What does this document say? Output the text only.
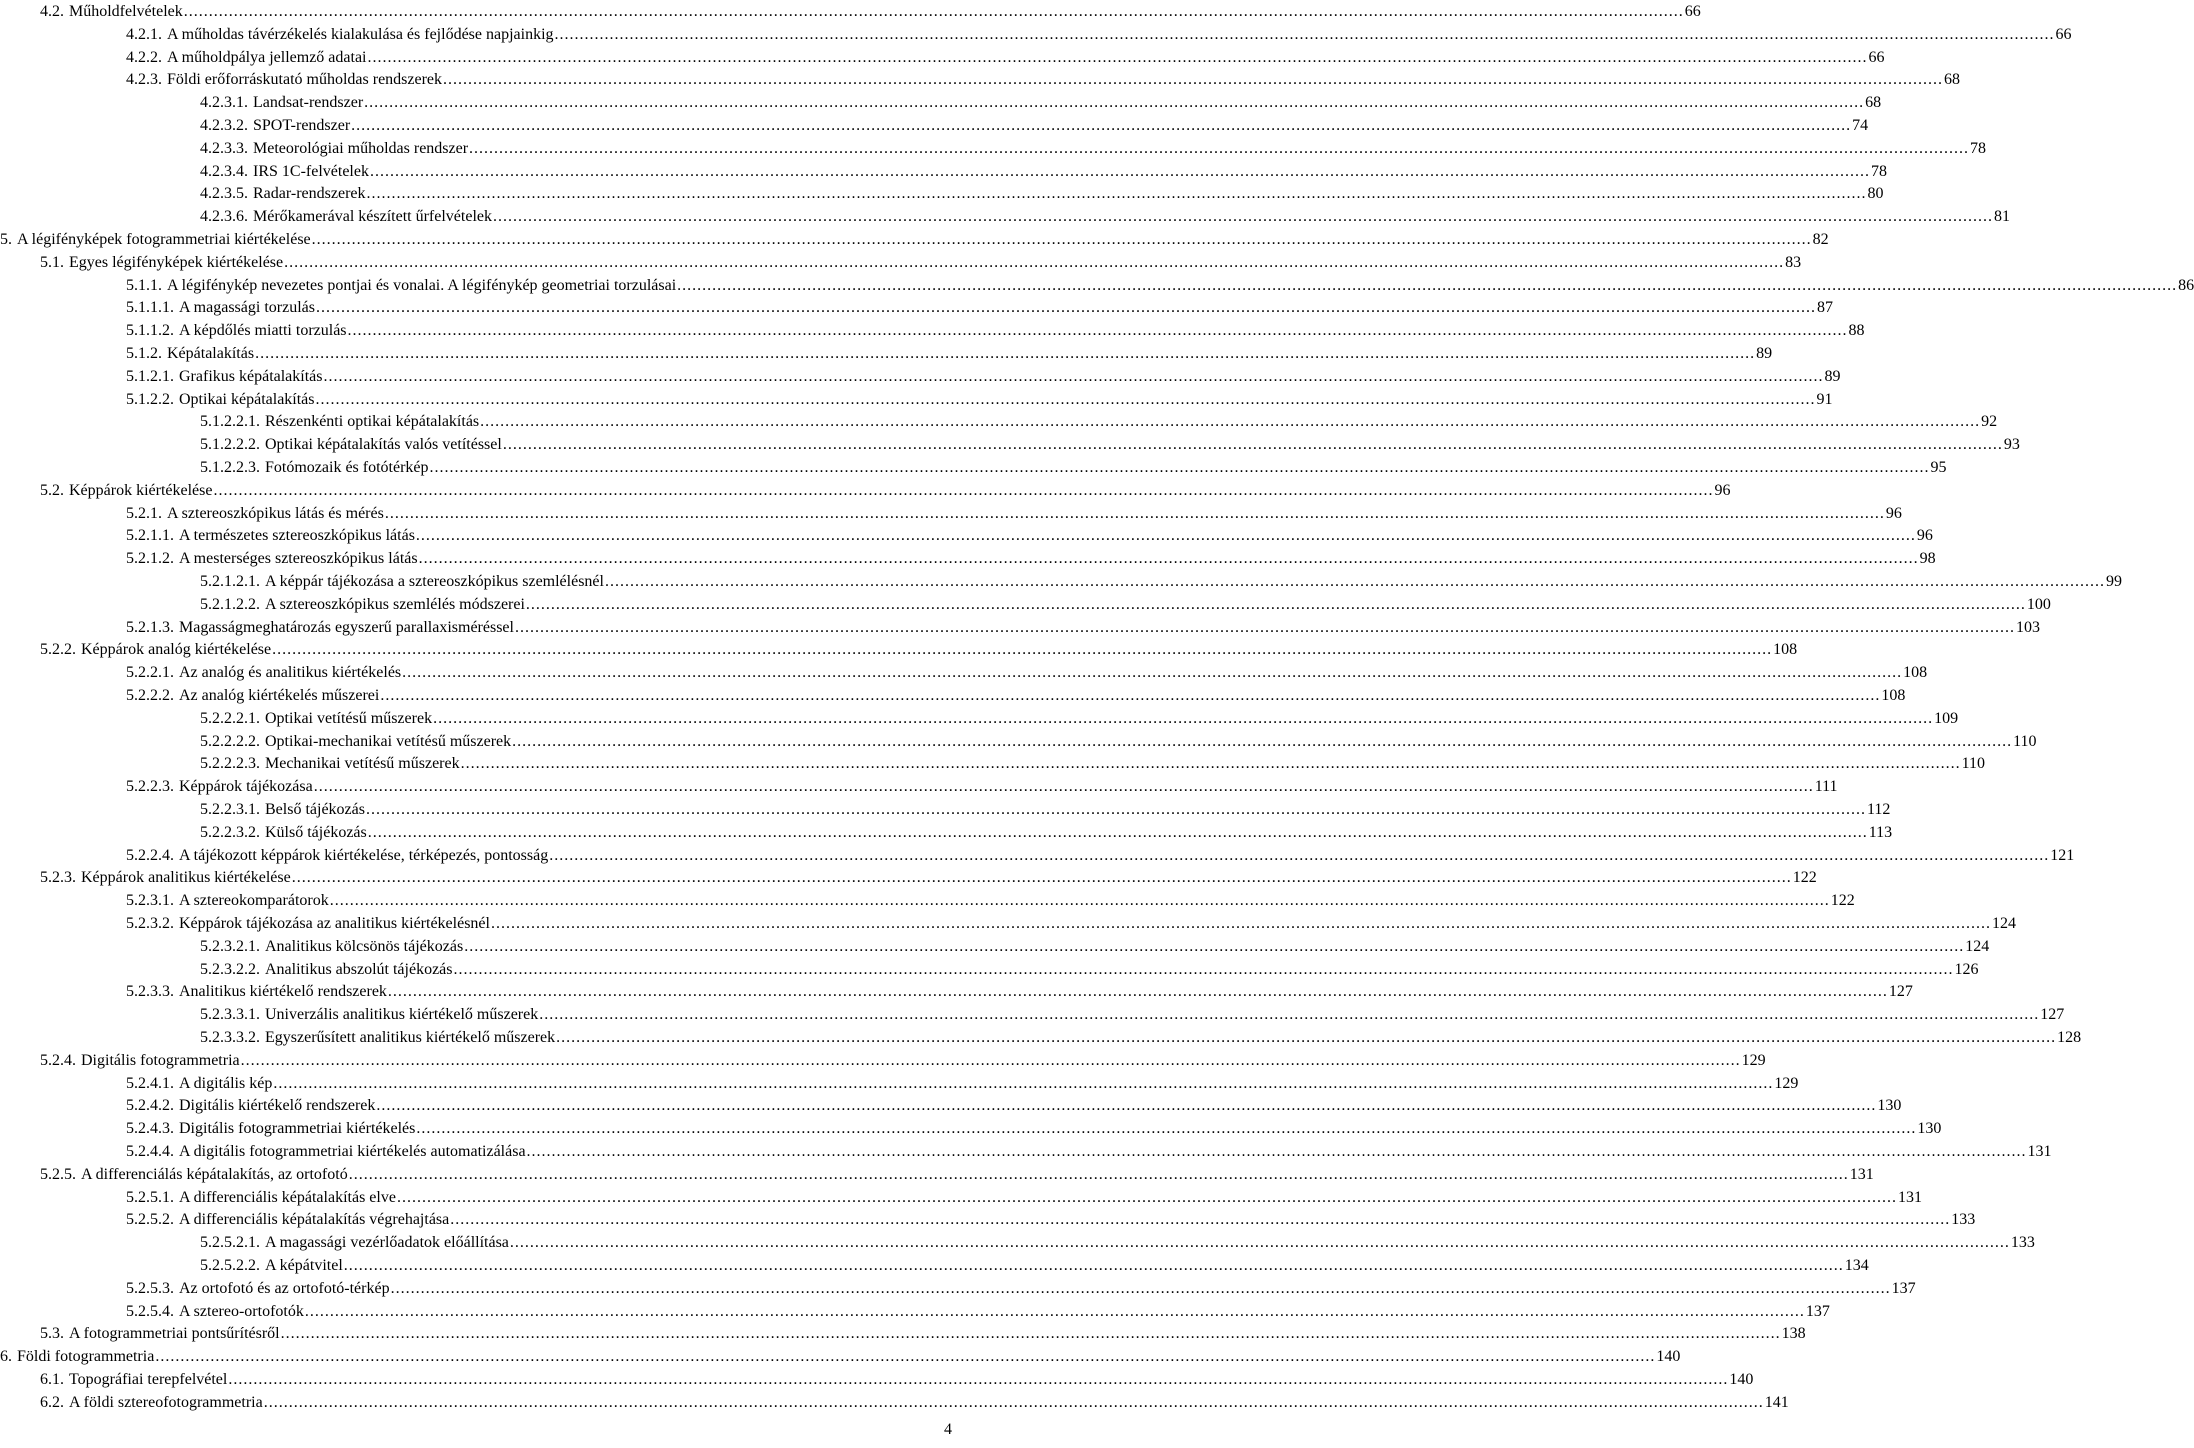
4.2. Műholdfelvételek ............................................................................................................................................................................................................................................................................................................ 66
4.2.1. A műholdas távérzékelés kialakulása és fejlődése napjainkig ............................................................................................................................................................................................................................................................................................................ 66
4.2.2. A műholdpálya jellemző adatai ............................................................................................................................................................................................................................................................................................................ 66
4.2.3. Földi erőforráskutató műholdas rendszerek ............................................................................................................................................................................................................................................................................................................ 68
4.2.3.1. Landsat-rendszer ............................................................................................................................................................................................................................................................................................................ 68
4.2.3.2. SPOT-rendszer ............................................................................................................................................................................................................................................................................................................ 74
4.2.3.3. Meteorológiai műholdas rendszer ............................................................................................................................................................................................................................................................................................................ 78
4.2.3.4. IRS 1C-felvételek ............................................................................................................................................................................................................................................................................................................ 78
4.2.3.5. Radar-rendszerek ............................................................................................................................................................................................................................................................................................................ 80
4.2.3.6. Mérőkamerával készített űrfelvételek ............................................................................................................................................................................................................................................................................................................ 81
5. A légifényképek fotogrammetriai kiértékelése ............................................................................................................................................................................................................................................................................................................ 82
5.1. Egyes légifényképek kiértékelése ............................................................................................................................................................................................................................................................................................................ 83
5.1.1. A légifénykép nevezetes pontjai és vonalai. A légifénykép geometriai torzulásai ............................................................................................................................................................................................................................................................................................................ 86
5.1.1.1. A magassági torzulás ............................................................................................................................................................................................................................................................................................................ 87
5.1.1.2. A képdőlés miatti torzulás ............................................................................................................................................................................................................................................................................................................ 88
5.1.2. Képátalakítás ............................................................................................................................................................................................................................................................................................................ 89
5.1.2.1. Grafikus képátalakítás ............................................................................................................................................................................................................................................................................................................ 89
5.1.2.2. Optikai képátalakítás ............................................................................................................................................................................................................................................................................................................ 91
5.1.2.2.1. Részenkénti optikai képátalakítás ............................................................................................................................................................................................................................................................................................................ 92
5.1.2.2.2. Optikai képátalakítás valós vetítéssel ............................................................................................................................................................................................................................................................................................................ 93
5.1.2.2.3. Fotómozaik és fotótérkép ............................................................................................................................................................................................................................................................................................................ 95
5.2. Képpárok kiértékelése ............................................................................................................................................................................................................................................................................................................ 96
5.2.1. A sztereoszkópikus látás és mérés ............................................................................................................................................................................................................................................................................................................ 96
5.2.1.1. A természetes sztereoszkópikus látás ............................................................................................................................................................................................................................................................................................................ 96
5.2.1.2. A mesterséges sztereoszkópikus látás ............................................................................................................................................................................................................................................................................................................ 98
5.2.1.2.1. A képpár tájékozása a sztereoszkópikus szemlélésnél ............................................................................................................................................................................................................................................................................................................ 99
5.2.1.2.2. A sztereoszkópikus szemlélés módszerei ............................................................................................................................................................................................................................................................................................................ 100
5.2.1.3. Magasságmeghatározás egyszerű parallaxisméréssel ............................................................................................................................................................................................................................................................................................................ 103
5.2.2. Képpárok analóg kiértékelése ............................................................................................................................................................................................................................................................................................................ 108
5.2.2.1. Az analóg és analitikus kiértékelés ............................................................................................................................................................................................................................................................................................................ 108
5.2.2.2. Az analóg kiértékelés műszerei ............................................................................................................................................................................................................................................................................................................ 108
5.2.2.2.1. Optikai vetítésű műszerek ............................................................................................................................................................................................................................................................................................................ 109
5.2.2.2.2. Optikai-mechanikai vetítésű műszerek ............................................................................................................................................................................................................................................................................................................ 110
5.2.2.2.3. Mechanikai vetítésű műszerek ............................................................................................................................................................................................................................................................................................................ 110
5.2.2.3. Képpárok tájékozása ............................................................................................................................................................................................................................................................................................................ 111
5.2.2.3.1. Belső tájékozás ............................................................................................................................................................................................................................................................................................................ 112
5.2.2.3.2. Külső tájékozás ............................................................................................................................................................................................................................................................................................................ 113
5.2.2.4. A tájékozott képpárok kiértékelése, térképezés, pontosság ............................................................................................................................................................................................................................................................................................................ 121
5.2.3. Képpárok analitikus kiértékelése ............................................................................................................................................................................................................................................................................................................ 122
5.2.3.1. A sztereokomparátorok ............................................................................................................................................................................................................................................................................................................ 122
5.2.3.2. Képpárok tájékozása az analitikus kiértékelésnél ............................................................................................................................................................................................................................................................................................................ 124
5.2.3.2.1. Analitikus kölcsönös tájékozás ............................................................................................................................................................................................................................................................................................................ 124
5.2.3.2.2. Analitikus abszolút tájékozás ............................................................................................................................................................................................................................................................................................................ 126
5.2.3.3. Analitikus kiértékelő rendszerek ............................................................................................................................................................................................................................................................................................................ 127
5.2.3.3.1. Univerzális analitikus kiértékelő műszerek ............................................................................................................................................................................................................................................................................................................ 127
5.2.3.3.2. Egyszerűsített analitikus kiértékelő műszerek ............................................................................................................................................................................................................................................................................................................ 128
5.2.4. Digitális fotogrammetria ............................................................................................................................................................................................................................................................................................................ 129
5.2.4.1. A digitális kép ............................................................................................................................................................................................................................................................................................................ 129
5.2.4.2. Digitális kiértékelő rendszerek ............................................................................................................................................................................................................................................................................................................ 130
5.2.4.3. Digitális fotogrammetriai kiértékelés ............................................................................................................................................................................................................................................................................................................ 130
5.2.4.4. A digitális fotogrammetriai kiértékelés automatizálása ............................................................................................................................................................................................................................................................................................................ 131
5.2.5. A differenciálás képátalakítás, az ortofotó ............................................................................................................................................................................................................................................................................................................ 131
5.2.5.1. A differenciális képátalakítás elve ............................................................................................................................................................................................................................................................................................................ 131
5.2.5.2. A differenciális képátalakítás végrehajtása ............................................................................................................................................................................................................................................................................................................ 133
5.2.5.2.1. A magassági vezérlőadatok előállítása ............................................................................................................................................................................................................................................................................................................ 133
5.2.5.2.2. A képátvitel ............................................................................................................................................................................................................................................................................................................ 134
5.2.5.3. Az ortofotó és az ortofotó-térkép ............................................................................................................................................................................................................................................................................................................ 137
5.2.5.4. A sztereo-ortofotók ............................................................................................................................................................................................................................................................................................................ 137
5.3. A fotogrammetriai pontsűrítésről ............................................................................................................................................................................................................................................................................................................ 138
6. Földi fotogrammetria ............................................................................................................................................................................................................................................................................................................ 140
6.1. Topográfiai terepfelvétel ............................................................................................................................................................................................................................................................................................................ 140
6.2. A földi sztereofotogrammetria ............................................................................................................................................................................................................................................................................................................ 141
4
